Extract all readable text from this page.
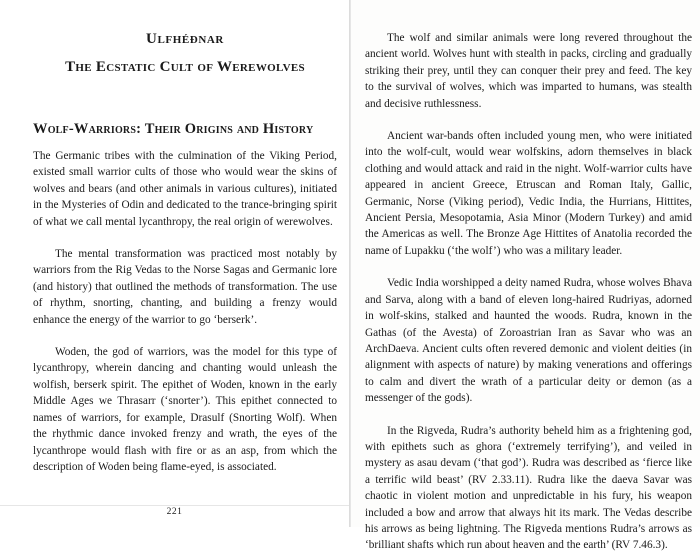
Ulfhéðnar
The Ecstatic Cult of Werewolves
Wolf-Warriors: Their Origins and History

The Germanic tribes with the culmination of the Viking Period, existed small warrior cults of those who would wear the skins of wolves and bears (and other animals in various cultures), initiated in the Mysteries of Odin and dedicated to the trance-bringing spirit of what we call mental lycanthropy, the real origin of werewolves.

The mental transformation was practiced most notably by warriors from the Rig Vedas to the Norse Sagas and Germanic lore (and history) that outlined the methods of transformation. The use of rhythm, snorting, chanting, and building a frenzy would enhance the energy of the warrior to go ‘berserk’.

Woden, the god of warriors, was the model for this type of lycanthropy, wherein dancing and chanting would unleash the wolfish, berserk spirit. The epithet of Woden, known in the early Middle Ages we Thrasarr (‘snorter’). This epithet connected to names of warriors, for example, Drasulf (Snorting Wolf). When the rhythmic dance invoked frenzy and wrath, the eyes of the lycanthrope would flash with fire or as an asp, from which the description of Woden being flame-eyed, is associated.

221

The wolf and similar animals were long revered throughout the ancient world. Wolves hunt with stealth in packs, circling and gradually striking their prey, until they can conquer their prey and feed. The key to the survival of wolves, which was imparted to humans, was stealth and decisive ruthlessness.

Ancient war-bands often included young men, who were initiated into the wolf-cult, would wear wolfskins, adorn themselves in black clothing and would attack and raid in the night. Wolf-warrior cults have appeared in ancient Greece, Etruscan and Roman Italy, Gallic, Germanic, Norse (Viking period), Vedic India, the Hurrians, Hittites, Ancient Persia, Mesopotamia, Asia Minor (Modern Turkey) and amid the Americas as well. The Bronze Age Hittites of Anatolia recorded the name of Lupakku (‘the wolf’) who was a military leader.

Vedic India worshipped a deity named Rudra, whose wolves Bhava and Sarva, along with a band of eleven long-haired Rudriyas, adorned in wolf-skins, stalked and haunted the woods. Rudra, known in the Gathas (of the Avesta) of Zoroastrian Iran as Savar who was an ArchDaeva. Ancient cults often revered demonic and violent deities (in alignment with aspects of nature) by making venerations and offerings to calm and divert the wrath of a particular deity or demon (as a messenger of the gods).

In the Rigveda, Rudra’s authority beheld him as a frightening god, with epithets such as ghora (‘extremely terrifying’), and veiled in mystery as asau devam (‘that god’). Rudra was described as ‘fierce like a terrific wild beast’ (RV 2.33.11). Rudra like the daeva Savar was chaotic in violent motion and unpredictable in his fury, his weapon included a bow and arrow that always hit its mark. The Vedas describe his arrows as being lightning. The Rigveda mentions Rudra’s arrows as ‘brilliant shafts which run about heaven and the earth’ (RV 7.46.3).
